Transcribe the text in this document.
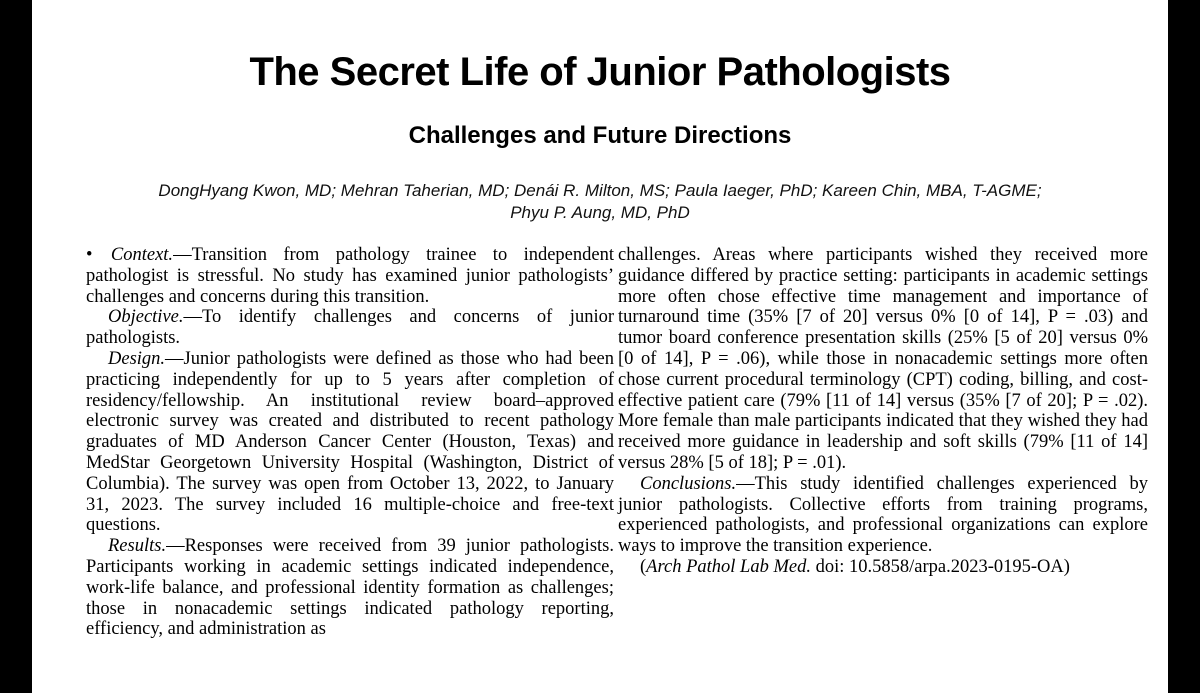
The Secret Life of Junior Pathologists
Challenges and Future Directions
DongHyang Kwon, MD; Mehran Taherian, MD; Denái R. Milton, MS; Paula Iaeger, PhD; Kareen Chin, MBA, T-AGME;
Phyu P. Aung, MD, PhD

• Context.—Transition from pathology trainee to independent pathologist is stressful. No study has examined junior pathologists’ challenges and concerns during this transition.

Objective.—To identify challenges and concerns of junior pathologists.

Design.—Junior pathologists were defined as those who had been practicing independently for up to 5 years after completion of residency/fellowship. An institutional review board–approved electronic survey was created and distributed to recent pathology graduates of MD Anderson Cancer Center (Houston, Texas) and MedStar Georgetown University Hospital (Washington, District of Columbia). The survey was open from October 13, 2022, to January 31, 2023. The survey included 16 multiple-choice and free-text questions.

Results.—Responses were received from 39 junior pathologists. Participants working in academic settings indicated independence, work-life balance, and professional identity formation as challenges; those in nonacademic settings indicated pathology reporting, efficiency, and administration as

challenges. Areas where participants wished they received more guidance differed by practice setting: participants in academic settings more often chose effective time management and importance of turnaround time (35% [7 of 20] versus 0% [0 of 14], P = .03) and tumor board conference presentation skills (25% [5 of 20] versus 0% [0 of 14], P = .06), while those in nonacademic settings more often chose current procedural terminology (CPT) coding, billing, and cost-effective patient care (79% [11 of 14] versus (35% [7 of 20]; P = .02). More female than male participants indicated that they wished they had received more guidance in leadership and soft skills (79% [11 of 14] versus 28% [5 of 18]; P = .01).

Conclusions.—This study identified challenges experienced by junior pathologists. Collective efforts from training programs, experienced pathologists, and professional organizations can explore ways to improve the transition experience.

(Arch Pathol Lab Med. doi: 10.5858/arpa.2023-0195-OA)
